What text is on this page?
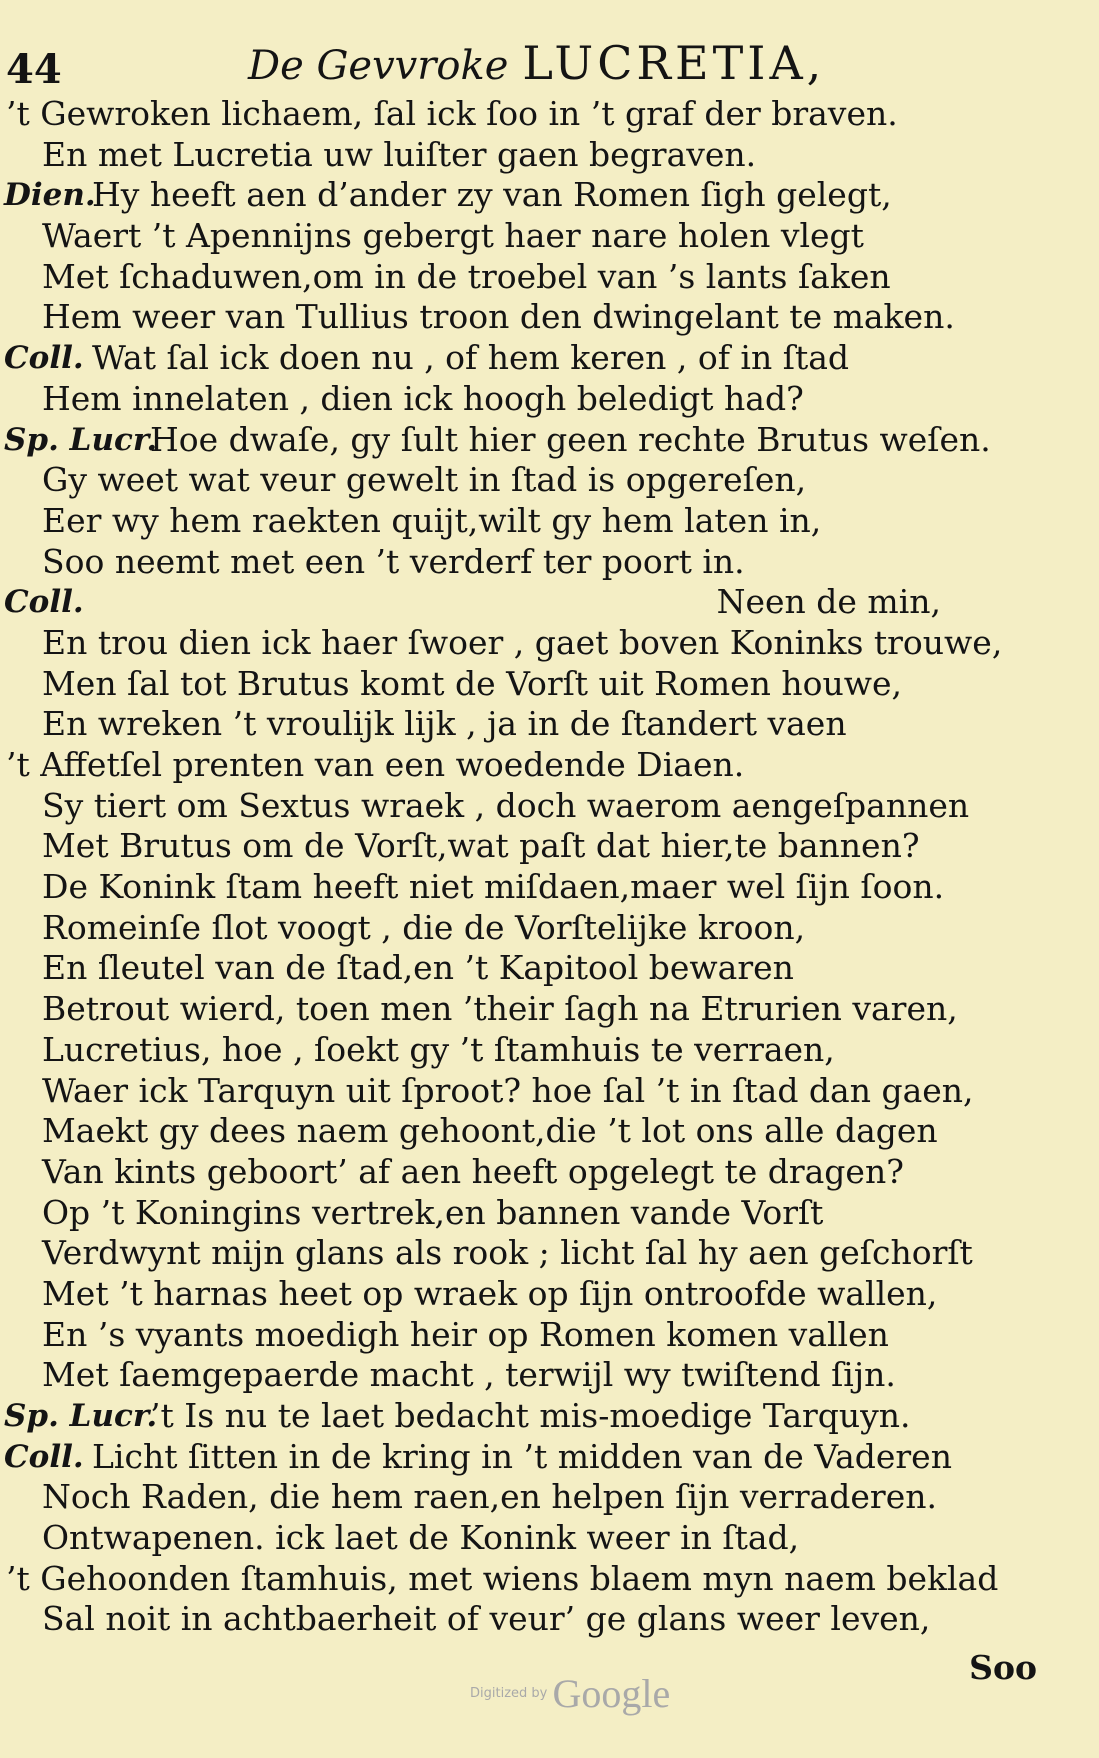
44	De Gevvroke LUCRETIA,
’t Gewroken lichaem, ſal ick ſoo in ’t graf der braven.
En met Lucretia uw luiſter gaen begraven.
Dien.
Hy heeft aen d’ander zy van Romen ſigh gelegt,
Waert ’t Apennijns gebergt haer nare holen vlegt
Met ſchaduwen,om in de troebel van ’s lants ſaken
Hem weer van Tullius troon den dwingelant te maken.
Coll. Wat ſal ick doen nu , of hem keren , of in ſtad
Hem innelaten , dien ick hoogh beledigt had?
Sp. Lucr.
Hoe dwaſe, gy ſult hier geen rechte Brutus weſen.
Gy weet wat veur gewelt in ſtad is opgereſen,
Eer wy hem raekten quijt,wilt gy hem laten in,
Soo neemt met een ’t verderf ter poort in.
Coll.	Neen de min,
En trou dien ick haer ſwoer , gaet boven Koninks trouwe,
Men ſal tot Brutus komt de Vorſt uit Romen houwe,
En wreken ’t vroulijk lijk , ja in de ſtandert vaen
’t Affetſel prenten van een woedende Diaen.
Sy tiert om Sextus wraek , doch waerom aengeſpannen
Met Brutus om de Vorſt,wat paſt dat hier,te bannen?
De Konink ſtam heeft niet miſdaen,maer wel ſijn ſoon.
Romeinſe ſlot voogt , die de Vorſtelijke kroon,
En ſleutel van de ſtad,en ’t Kapitool bewaren
Betrout wierd, toen men ’their ſagh na Etrurien varen,
Lucretius, hoe , ſoekt gy ’t ſtamhuis te verraen,
Waer ick Tarquyn uit ſproot? hoe ſal ’t in ſtad dan gaen,
Maekt gy dees naem gehoont,die ’t lot ons alle dagen
Van kints geboort’ af aen heeft opgelegt te dragen?
Op ’t Koningins vertrek,en bannen vande Vorſt
Verdwynt mijn glans als rook ; licht ſal hy aen geſchorſt
Met ’t harnas heet op wraek op ſijn ontroofde wallen,
En ’s vyants moedigh heir op Romen komen vallen
Met ſaemgepaerde macht , terwijl wy twiſtend ſijn.
Sp. Lucr.
’t Is nu te laet bedacht mis-moedige Tarquyn.
Coll. Licht ſitten in de kring in ’t midden van de Vaderen
Noch Raden, die hem raen,en helpen ſijn verraderen.
Ontwapenen. ick laet de Konink weer in ſtad,
’t Gehoonden ſtamhuis, met wiens blaem myn naem beklad
Sal noit in achtbaerheit of veur’ ge glans weer leven,
Soo
Digitized by Google
